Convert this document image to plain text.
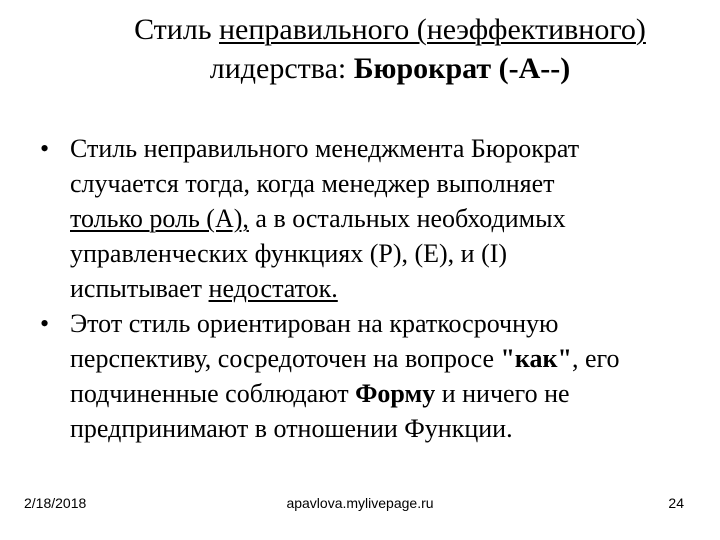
Стиль неправильного (неэффективного)
лидерства: Бюрократ (-А--)
• Стиль неправильного менеджмента Бюрократ
случается тогда, когда менеджер выполняет
только роль (A), а в остальных необходимых
управленческих функциях (P), (E), и (I)
испытывает недостаток.
• Этот стиль ориентирован на краткосрочную
перспективу, сосредоточен на вопросе "как", его
подчиненные соблюдают Форму и ничего не
предпринимают в отношении Функции.
2/18/2018	apavlova.mylivepage.ru	24
